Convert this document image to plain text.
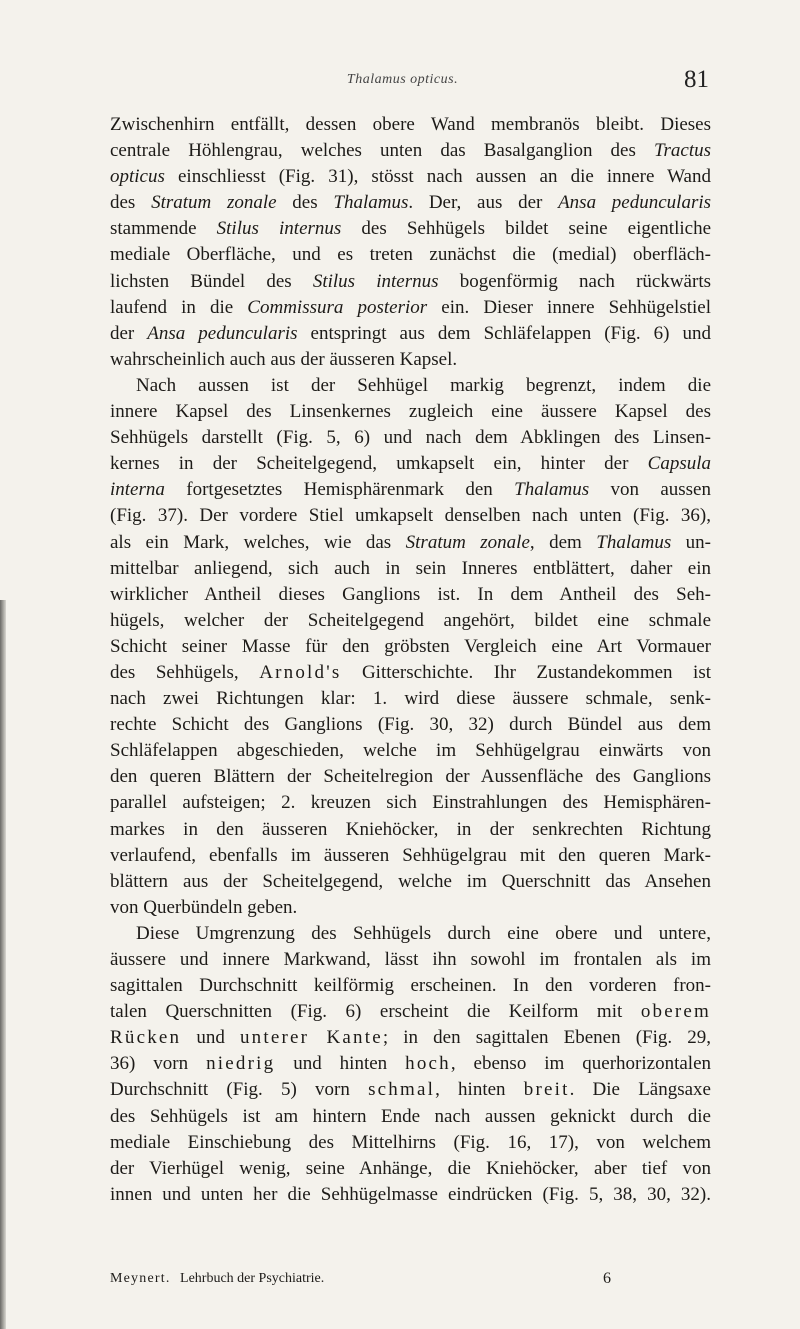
Thalamus opticus.	81
Zwischenhirn entfällt, dessen obere Wand membranös bleibt. Dieses
centrale Höhlengrau, welches unten das Basalganglion des Tractus
opticus einschliesst (Fig. 31), stösst nach aussen an die innere Wand
des Stratum zonale des Thalamus. Der, aus der Ansa peduncularis
stammende Stilus internus des Sehhügels bildet seine eigentliche
mediale Oberfläche, und es treten zunächst die (medial) oberfläch-
lichsten Bündel des Stilus internus bogenförmig nach rückwärts
laufend in die Commissura posterior ein. Dieser innere Sehhügelstiel
der Ansa peduncularis entspringt aus dem Schläfelappen (Fig. 6) und
wahrscheinlich auch aus der äusseren Kapsel.
Nach aussen ist der Sehhügel markig begrenzt, indem die
innere Kapsel des Linsenkernes zugleich eine äussere Kapsel des
Sehhügels darstellt (Fig. 5, 6) und nach dem Abklingen des Linsen-
kernes in der Scheitelgegend, umkapselt ein, hinter der Capsula
interna fortgesetztes Hemisphärenmark den Thalamus von aussen
(Fig. 37). Der vordere Stiel umkapselt denselben nach unten (Fig. 36),
als ein Mark, welches, wie das Stratum zonale, dem Thalamus un-
mittelbar anliegend, sich auch in sein Inneres entblättert, daher ein
wirklicher Antheil dieses Ganglions ist. In dem Antheil des Seh-
hügels, welcher der Scheitelgegend angehört, bildet eine schmale
Schicht seiner Masse für den gröbsten Vergleich eine Art Vormauer
des Sehhügels, Arnold's Gitterschichte. Ihr Zustandekommen ist
nach zwei Richtungen klar: 1. wird diese äussere schmale, senk-
rechte Schicht des Ganglions (Fig. 30, 32) durch Bündel aus dem
Schläfelappen abgeschieden, welche im Sehhügelgrau einwärts von
den queren Blättern der Scheitelregion der Aussenfläche des Ganglions
parallel aufsteigen; 2. kreuzen sich Einstrahlungen des Hemisphären-
markes in den äusseren Kniehöcker, in der senkrechten Richtung
verlaufend, ebenfalls im äusseren Sehhügelgrau mit den queren Mark-
blättern aus der Scheitelgegend, welche im Querschnitt das Ansehen
von Querbündeln geben.
Diese Umgrenzung des Sehhügels durch eine obere und untere,
äussere und innere Markwand, lässt ihn sowohl im frontalen als im
sagittalen Durchschnitt keilförmig erscheinen. In den vorderen fron-
talen Querschnitten (Fig. 6) erscheint die Keilform mit oberem
Rücken und unterer Kante; in den sagittalen Ebenen (Fig. 29,
36) vorn niedrig und hinten hoch, ebenso im querhorizontalen
Durchschnitt (Fig. 5) vorn schmal, hinten breit. Die Längsaxe
des Sehhügels ist am hintern Ende nach aussen geknickt durch die
mediale Einschiebung des Mittelhirns (Fig. 16, 17), von welchem
der Vierhügel wenig, seine Anhänge, die Kniehöcker, aber tief von
innen und unten her die Sehhügelmasse eindrücken (Fig. 5, 38, 30, 32).
Meynert. Lehrbuch der Psychiatrie.	6
